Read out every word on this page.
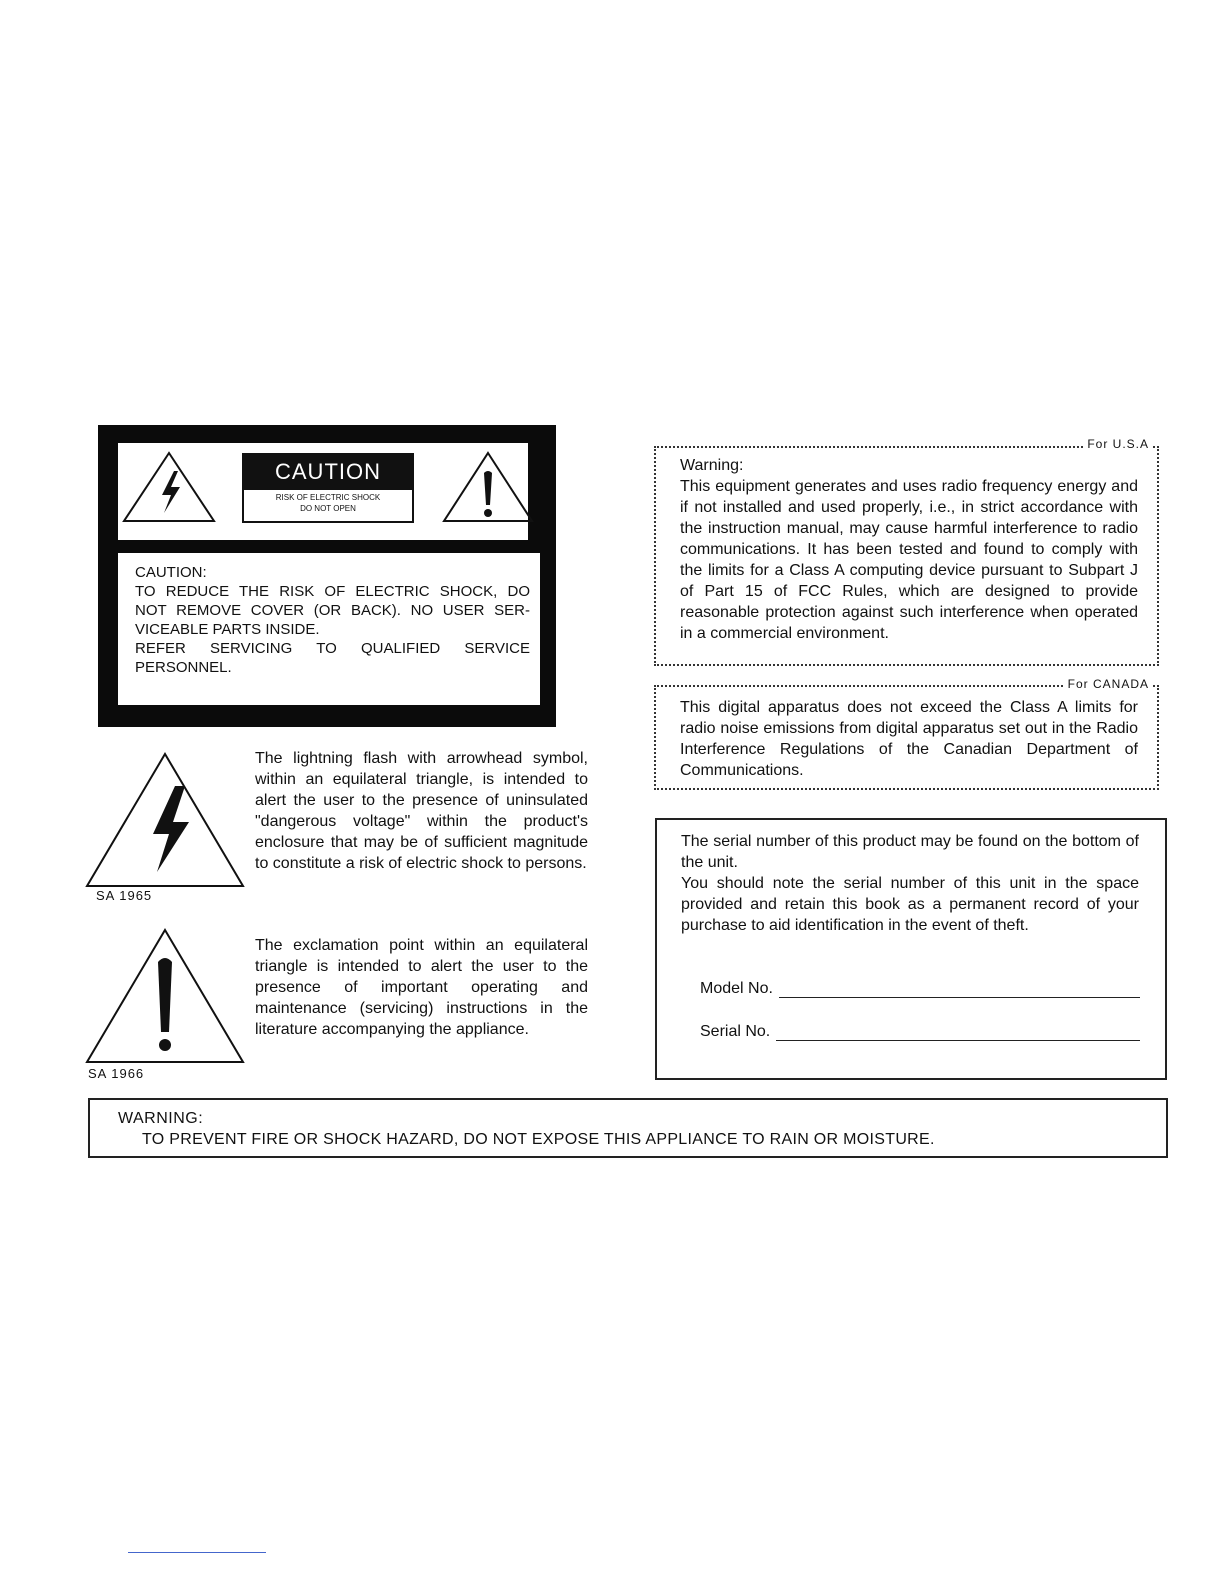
CAUTION
RISK OF ELECTRIC SHOCK
DO NOT OPEN
CAUTION:
TO REDUCE THE RISK OF ELECTRIC SHOCK, DO
NOT REMOVE COVER (OR BACK). NO USER SER-
VICEABLE PARTS INSIDE.
REFER SERVICING TO QUALIFIED SERVICE
PERSONNEL.
SA 1965
The lightning flash with arrowhead symbol, within an equilateral triangle, is intended to alert the user to the presence of uninsulated "dangerous voltage" within the product's enclosure that may be of sufficient magnitude to constitute a risk of electric shock to persons.
SA 1966
The exclamation point within an equilateral triangle is intended to alert the user to the presence of important operating and maintenance (servicing) instructions in the literature accompanying the appliance.
For U.S.A
Warning:
This equipment generates and uses radio frequency energy and if not installed and used properly, i.e., in strict accordance with the instruction manual, may cause harmful interference to radio communications. It has been tested and found to comply with the limits for a Class A computing device pursuant to Subpart J of Part 15 of FCC Rules, which are designed to provide reasonable protection against such interference when operated in a commercial environment.
For CANADA
This digital apparatus does not exceed the Class A limits for radio noise emissions from digital apparatus set out in the Radio Interference Regulations of the Canadian Department of Communications.
The serial number of this product may be found on the bottom of the unit.
You should note the serial number of this unit in the space provided and retain this book as a permanent record of your purchase to aid identification in the event of theft.
Model No.
Serial No.
WARNING:
TO PREVENT FIRE OR SHOCK HAZARD, DO NOT EXPOSE THIS APPLIANCE TO RAIN OR MOISTURE.
